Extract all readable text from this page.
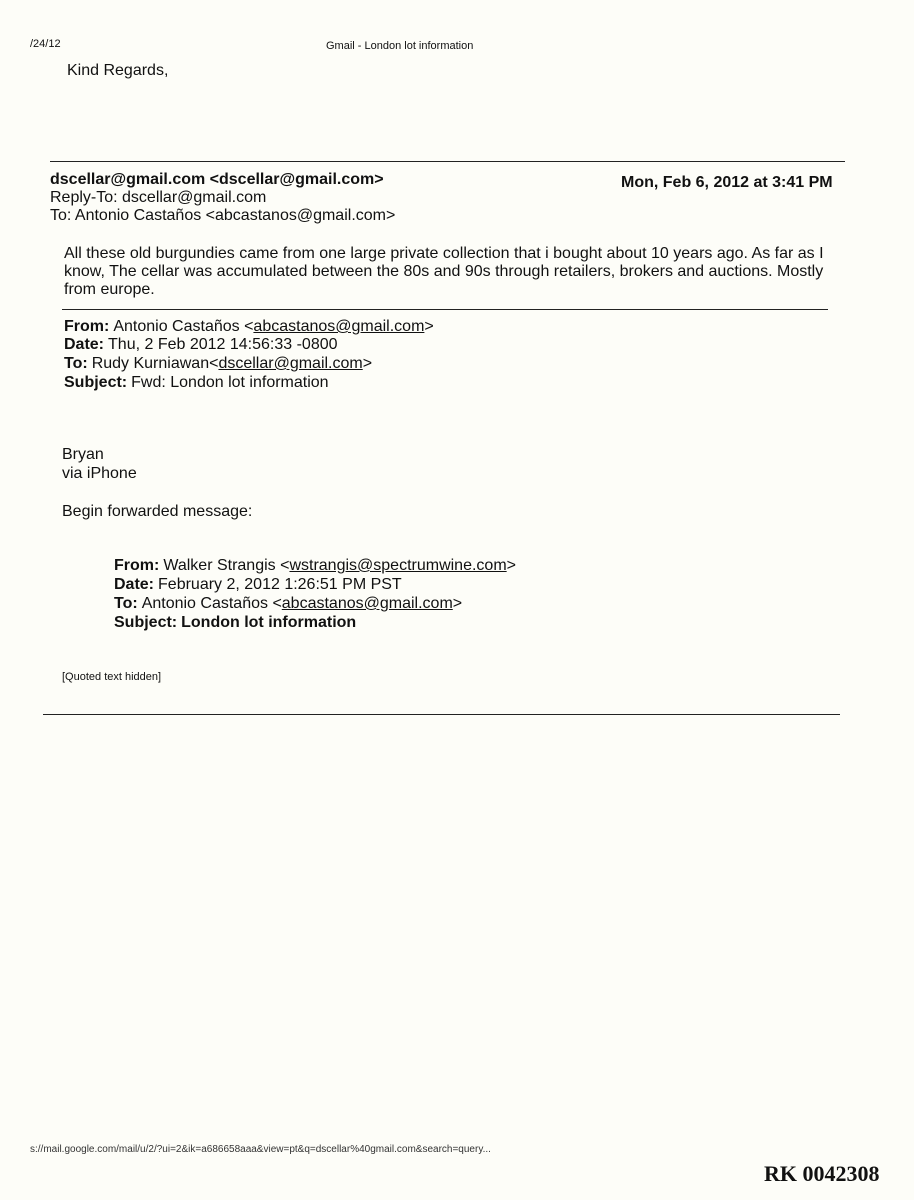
/24/12	Gmail - London lot information
Kind Regards,
dscellar@gmail.com <dscellar@gmail.com>	Mon, Feb 6, 2012 at 3:41 PM
Reply-To: dscellar@gmail.com
To: Antonio Castaños <abcastanos@gmail.com>
All these old burgundies came from one large private collection that i bought about 10 years ago. As far as I know, The cellar was accumulated between the 80s and 90s through retailers, brokers and auctions. Mostly from europe.
From: Antonio Castaños <abcastanos@gmail.com>
Date: Thu, 2 Feb 2012 14:56:33 -0800
To: Rudy Kurniawan<dscellar@gmail.com>
Subject: Fwd: London lot information
Bryan
via iPhone
Begin forwarded message:
From: Walker Strangis <wstrangis@spectrumwine.com>
Date: February 2, 2012 1:26:51 PM PST
To: Antonio Castaños <abcastanos@gmail.com>
Subject: London lot information
[Quoted text hidden]
s://mail.google.com/mail/u/2/?ui=2&ik=a686658aaa&view=pt&q=dscellar%40gmail.com&search=query...
RK 0042308
